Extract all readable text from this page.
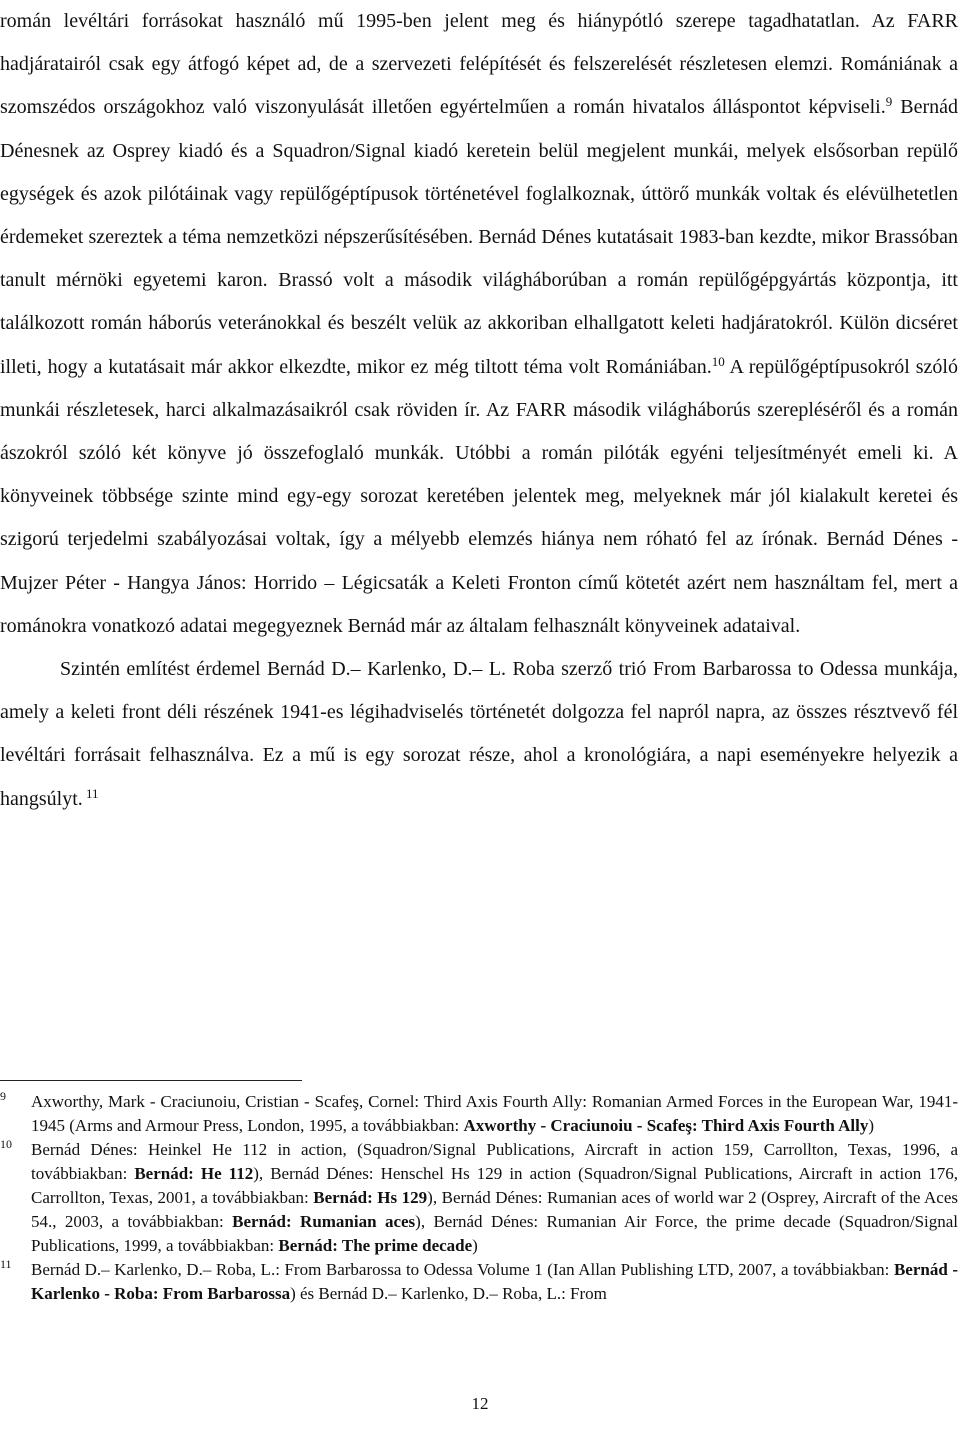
román levéltári forrásokat használó mű 1995-ben jelent meg és hiánypótló szerepe tagadhatatlan. Az FARR hadjáratairól csak egy átfogó képet ad, de a szervezeti felépítését és felszerelését részletesen elemzi. Romániának a szomszédos országokhoz való viszonyulását illetően egyértelműen a román hivatalos álláspontot képviseli.$^9$ Bernád Dénesnek az Osprey kiadó és a Squadron/Signal kiadó keretein belül megjelent munkái, melyek elsősorban repülő egységek és azok pilótáinak vagy repülőgéptípusok történetével foglalkoznak, úttörő munkák voltak és elévülhetetlen érdemeket szereztek a téma nemzetközi népszerűsítésében. Bernád Dénes kutatásait 1983-ban kezdte, mikor Brassóban tanult mérnöki egyetemi karon. Brassó volt a második világháborúban a román repülőgépgyártás központja, itt találkozott román háborús veteránokkal és beszélt velük az akkoriban elhallgatott keleti hadjáratokról. Külön dicséret illeti, hogy a kutatásait már akkor elkezdte, mikor ez még tiltott téma volt Romániában.$^{10}$ A repülőgéptípusokról szóló munkái részletesek, harci alkalmazásaikról csak röviden ír. Az FARR második világháborús szerepléséről és a román ászokról szóló két könyve jó összefoglaló munkák. Utóbbi a román pilóták egyéni teljesítményét emeli ki. A könyveinek többsége szinte mind egy-egy sorozat keretében jelentek meg, melyeknek már jól kialakult keretei és szigorú terjedelmi szabályozásai voltak, így a mélyebb elemzés hiánya nem róható fel az írónak. Bernád Dénes - Mujzer Péter - Hangya János: Horrido – Légicsaták a Keleti Fronton című kötetét azért nem használtam fel, mert a románokra vonatkozó adatai megegyeznek Bernád már az általam felhasznált könyveinek adataival.

Szintén említést érdemel Bernád D.– Karlenko, D.– L. Roba szerző trió From Barbarossa to Odessa munkája, amely a keleti front déli részének 1941-es légihadviselés történetét dolgozza fel napról napra, az összes résztvevő fél levéltári forrásait felhasználva. Ez a mű is egy sorozat része, ahol a kronológiára, a napi eseményekre helyezik a hangsúlyt. $^{11}$

9 Axworthy, Mark - Craciunoiu, Cristian - Scafeş, Cornel: Third Axis Fourth Ally: Romanian Armed Forces in the European War, 1941-1945 (Arms and Armour Press, London, 1995, a továbbiakban: Axworthy - Craciunoiu - Scafeş: Third Axis Fourth Ally)
10 Bernád Dénes: Heinkel He 112 in action, (Squadron/Signal Publications, Aircraft in action 159, Carrollton, Texas, 1996, a továbbiakban: Bernád: He 112), Bernád Dénes: Henschel Hs 129 in action (Squadron/Signal Publications, Aircraft in action 176, Carrollton, Texas, 2001, a továbbiakban: Bernád: Hs 129), Bernád Dénes: Rumanian aces of world war 2 (Osprey, Aircraft of the Aces 54., 2003, a továbbiakban: Bernád: Rumanian aces), Bernád Dénes: Rumanian Air Force, the prime decade (Squadron/Signal Publications, 1999, a továbbiakban: Bernád: The prime decade)
11 Bernád D.– Karlenko, D.– Roba, L.: From Barbarossa to Odessa Volume 1 (Ian Allan Publishing LTD, 2007, a továbbiakban: Bernád - Karlenko - Roba: From Barbarossa) és Bernád D.– Karlenko, D.– Roba, L.: From
12
